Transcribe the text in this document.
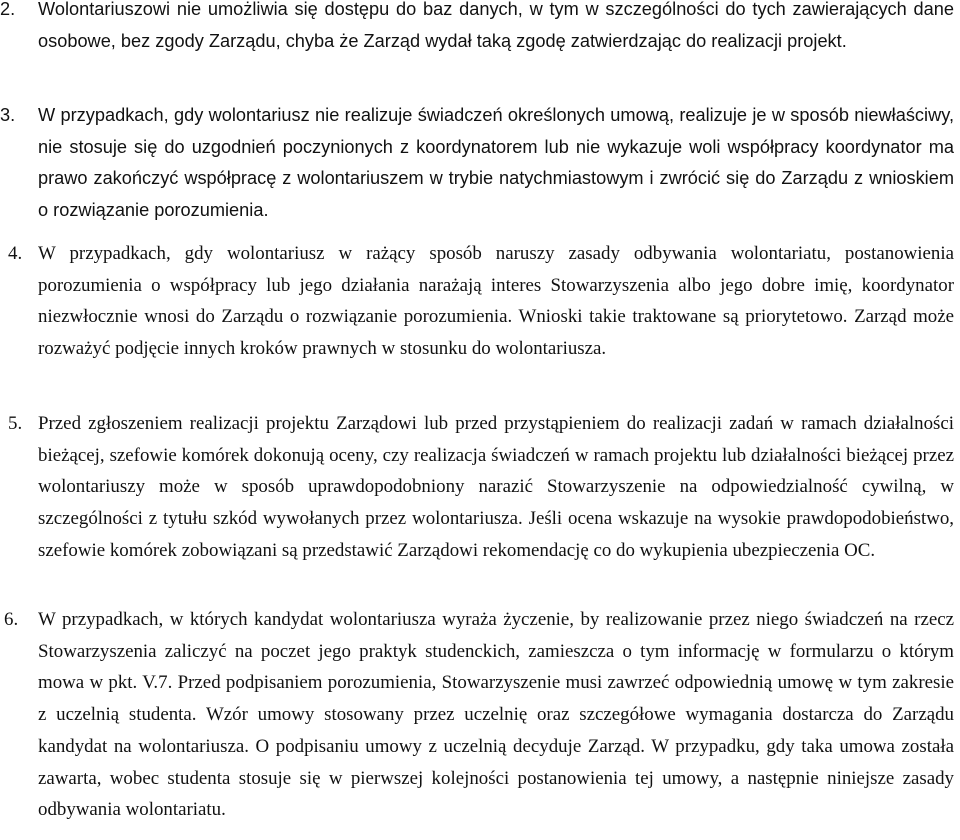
2.	Wolontariuszowi nie umożliwia się dostępu do baz danych, w tym w szczególności do tych zawierających dane osobowe, bez zgody Zarządu, chyba że Zarząd wydał taką zgodę zatwierdzając do realizacji projekt.
3.	W przypadkach, gdy wolontariusz nie realizuje świadczeń określonych umową, realizuje je w sposób niewłaściwy, nie stosuje się do uzgodnień poczynionych z koordynatorem lub nie wykazuje woli współpracy koordynator ma prawo zakończyć współpracę z wolontariuszem w trybie natychmiastowym i zwrócić się do Zarządu z wnioskiem o rozwiązanie porozumienia.
4. W przypadkach, gdy wolontariusz w rażący sposób naruszy zasady odbywania wolontariatu, postanowienia porozumienia o współpracy lub jego działania narażają interes Stowarzyszenia albo jego dobre imię, koordynator niezwłocznie wnosi do Zarządu o rozwiązanie porozumienia. Wnioski takie traktowane są priorytetowo. Zarząd może rozważyć podjęcie innych kroków prawnych w stosunku do wolontariusza.
5. Przed zgłoszeniem realizacji projektu Zarządowi lub przed przystąpieniem do realizacji zadań w ramach działalności bieżącej, szefowie komórek dokonują oceny, czy realizacja świadczeń w ramach projektu lub działalności bieżącej przez wolontariuszy może w sposób uprawdopodobniony narazić Stowarzyszenie na odpowiedzialność cywilną, w szczególności z tytułu szkód wywołanych przez wolontariusza. Jeśli ocena wskazuje na wysokie prawdopodobieństwo, szefowie komórek zobowiązani są przedstawić Zarządowi rekomendację co do wykupienia ubezpieczenia OC.
6.	W przypadkach, w których kandydat wolontariusza wyraża życzenie, by realizowanie przez niego świadczeń na rzecz Stowarzyszenia zaliczyć na poczet jego praktyk studenckich, zamieszcza o tym informację w formularzu o którym mowa w pkt. V.7. Przed podpisaniem porozumienia, Stowarzyszenie musi zawrzeć odpowiednią umowę w tym zakresie z uczelnią studenta. Wzór umowy stosowany przez uczelnię oraz szczegółowe wymagania dostarcza do Zarządu kandydat na wolontariusza. O podpisaniu umowy z uczelnią decyduje Zarząd. W przypadku, gdy taka umowa została zawarta, wobec studenta stosuje się w pierwszej kolejności postanowienia tej umowy, a następnie niniejsze zasady odbywania wolontariatu.
